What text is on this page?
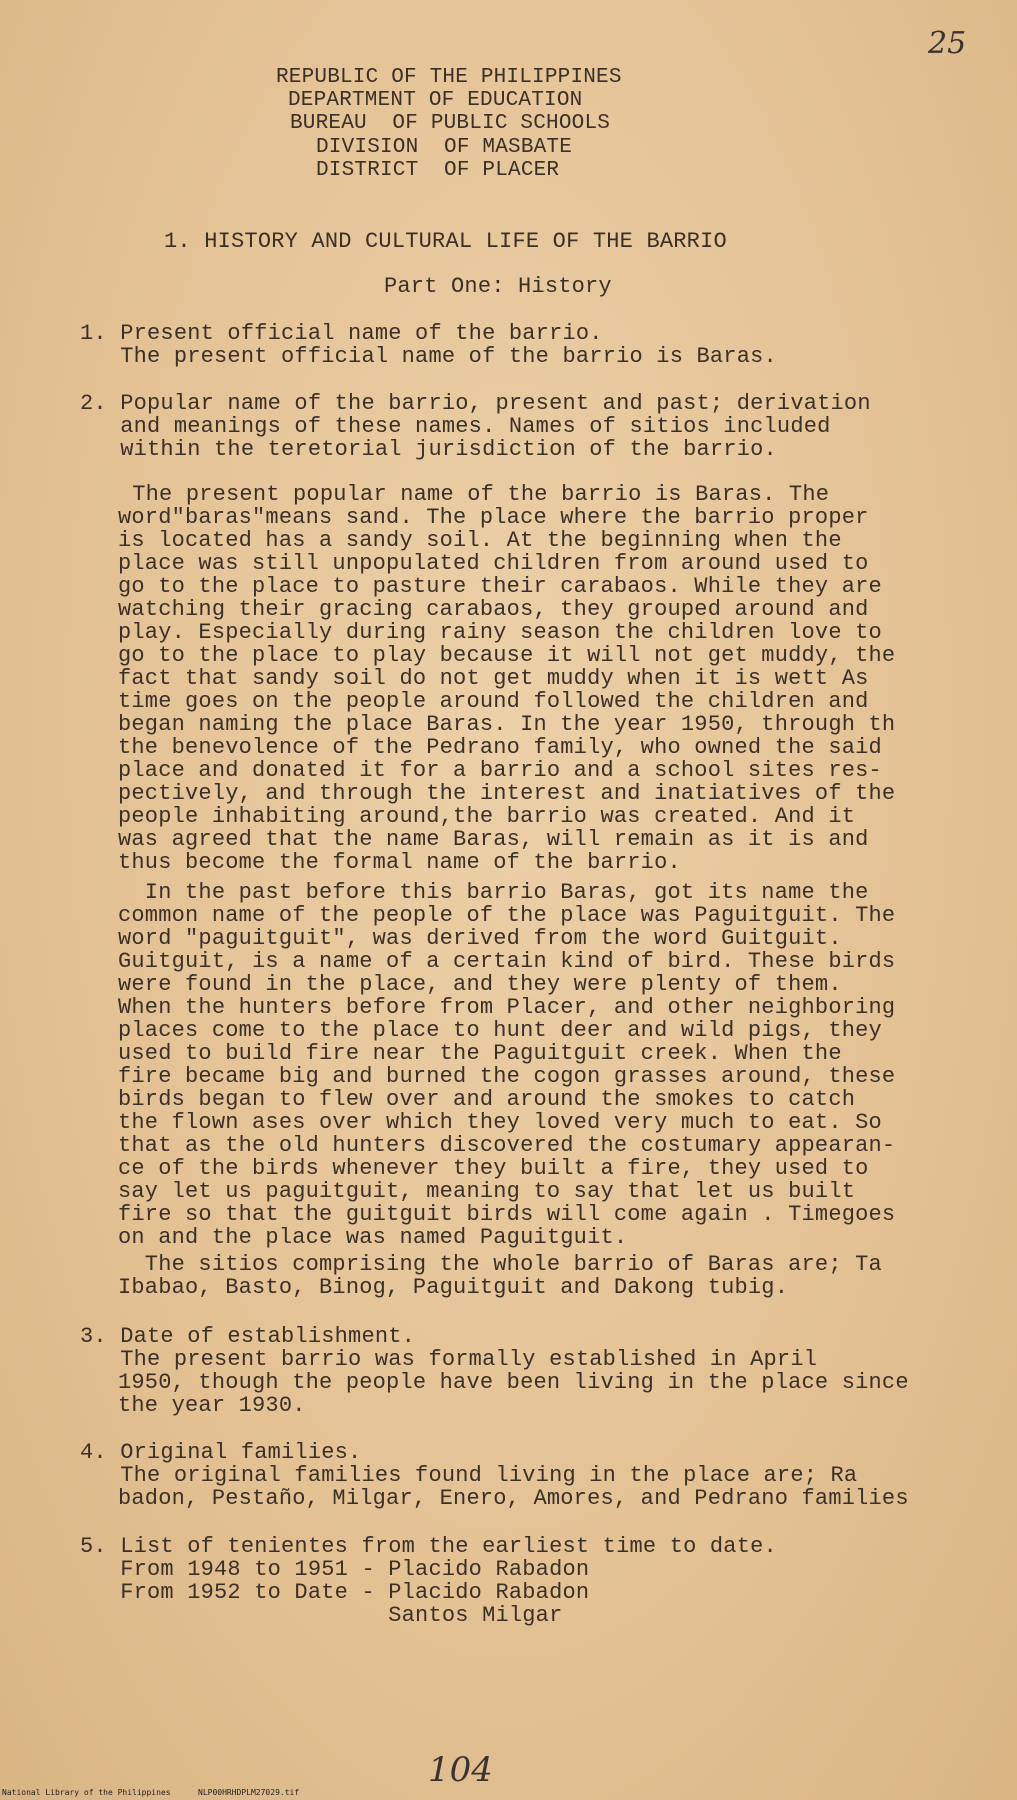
25
REPUBLIC OF THE PHILIPPINES
DEPARTMENT OF EDUCATION
BUREAU  OF PUBLIC SCHOOLS
DIVISION  OF MASBATE
DISTRICT  OF PLACER
1. HISTORY AND CULTURAL LIFE OF THE BARRIO
Part One: History
1. Present official name of the barrio.
The present official name of the barrio is Baras.
2. Popular name of the barrio, present and past; derivation
and meanings of these names. Names of sitios included
within the teretorial jurisdiction of the barrio.
The present popular name of the barrio is Baras. The
word"baras"means sand. The place where the barrio proper
is located has a sandy soil. At the beginning when the
place was still unpopulated children from around used to
go to the place to pasture their carabaos. While they are
watching their gracing carabaos, they grouped around and
play. Especially during rainy season the children love to
go to the place to play because it will not get muddy, the
fact that sandy soil do not get muddy when it is wett As
time goes on the people around followed the children and
began naming the place Baras. In the year 1950, through th
the benevolence of the Pedrano family, who owned the said
place and donated it for a barrio and a school sites res-
pectively, and through the interest and inatiatives of the
people inhabiting around,the barrio was created. And it
was agreed that the name Baras, will remain as it is and
thus become the formal name of the barrio.
In the past before this barrio Baras, got its name the
common name of the people of the place was Paguitguit. The
word "paguitguit", was derived from the word Guitguit.
Guitguit, is a name of a certain kind of bird. These birds
were found in the place, and they were plenty of them.
When the hunters before from Placer, and other neighboring
places come to the place to hunt deer and wild pigs, they
used to build fire near the Paguitguit creek. When the
fire became big and burned the cogon grasses around, these
birds began to flew over and around the smokes to catch
the flown ases over which they loved very much to eat. So
that as the old hunters discovered the costumary appearan-
ce of the birds whenever they built a fire, they used to
say let us paguitguit, meaning to say that let us built
fire so that the guitguit birds will come again . Timegoes
on and the place was named Paguitguit.
The sitios comprising the whole barrio of Baras are; Ta
Ibabao, Basto, Binog, Paguitguit and Dakong tubig.
3. Date of establishment.
The present barrio was formally established in April
1950, though the people have been living in the place since
the year 1930.
4. Original families.
The original families found living in the place are; Ra
badon, Pestaño, Milgar, Enero, Amores, and Pedrano families
5. List of tenientes from the earliest time to date.
From 1948 to 1951 - Placido Rabadon
From 1952 to Date - Placido Rabadon
Santos Milgar
104
National Library of the Philippines	NLP00HRHDPLM27029.tif
